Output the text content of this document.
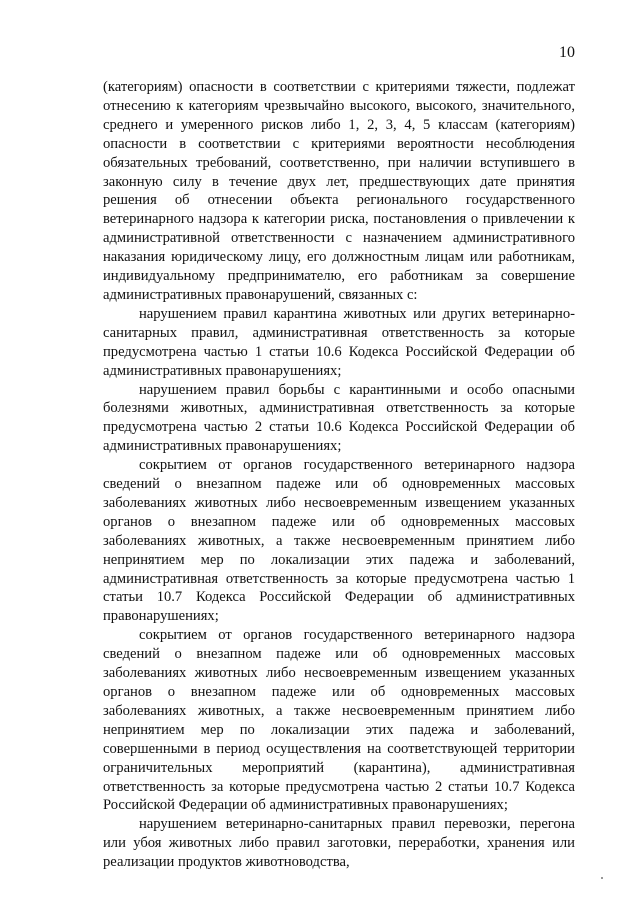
10

(категориям) опасности в соответствии с критериями тяжести, подлежат отнесению к категориям чрезвычайно высокого, высокого, значительного, среднего и умеренного рисков либо 1, 2, 3, 4, 5 классам (категориям) опасности в соответствии с критериями вероятности несоблюдения обязательных требований, соответственно, при наличии вступившего в законную силу в течение двух лет, предшествующих дате принятия решения об отнесении объекта регионального государственного ветеринарного надзора к категории риска, постановления о привлечении к административной ответственности с назначением административного наказания юридическому лицу, его должностным лицам или работникам, индивидуальному предпринимателю, его работникам за совершение административных правонарушений, связанных с:

нарушением правил карантина животных или других ветеринарно-санитарных правил, административная ответственность за которые предусмотрена частью 1 статьи 10.6 Кодекса Российской Федерации об административных правонарушениях;

нарушением правил борьбы с карантинными и особо опасными болезнями животных, административная ответственность за которые предусмотрена частью 2 статьи 10.6 Кодекса Российской Федерации об административных правонарушениях;

сокрытием от органов государственного ветеринарного надзора сведений о внезапном падеже или об одновременных массовых заболеваниях животных либо несвоевременным извещением указанных органов о внезапном падеже или об одновременных массовых заболеваниях животных, а также несвоевременным принятием либо непринятием мер по локализации этих падежа и заболеваний, административная ответственность за которые предусмотрена частью 1 статьи 10.7 Кодекса Российской Федерации об административных правонарушениях;

сокрытием от органов государственного ветеринарного надзора сведений о внезапном падеже или об одновременных массовых заболеваниях животных либо несвоевременным извещением указанных органов о внезапном падеже или об одновременных массовых заболеваниях животных, а также несвоевременным принятием либо непринятием мер по локализации этих падежа и заболеваний, совершенными в период осуществления на соответствующей территории ограничительных мероприятий (карантина), административная ответственность за которые предусмотрена частью 2 статьи 10.7 Кодекса Российской Федерации об административных правонарушениях;

нарушением ветеринарно-санитарных правил перевозки, перегона или убоя животных либо правил заготовки, переработки, хранения или реализации продуктов животноводства,
